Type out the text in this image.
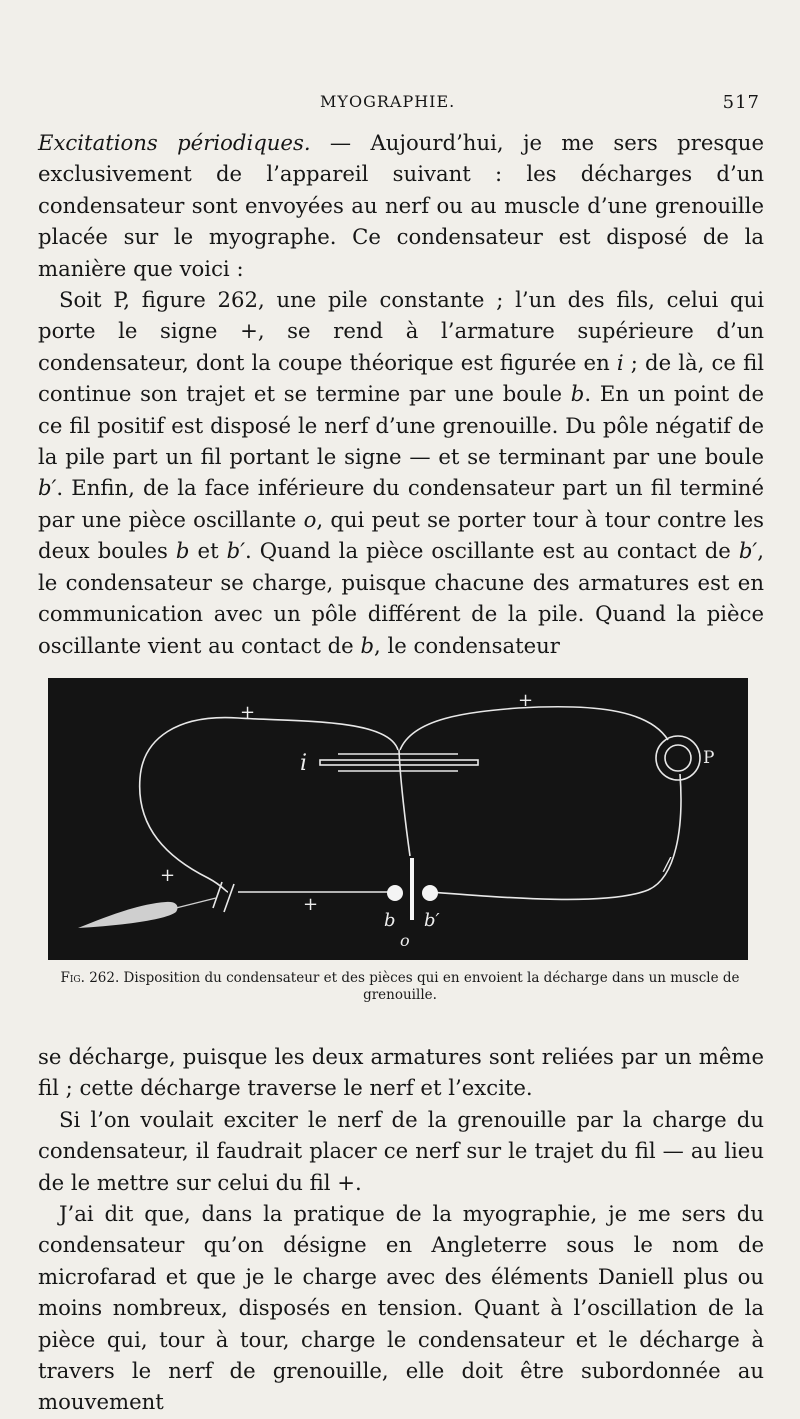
MYOGRAPHIE.	517

Excitations périodiques. — Aujourd’hui, je me sers presque exclusivement de l’appareil suivant : les décharges d’un condensateur sont envoyées au nerf ou au muscle d’une grenouille placée sur le myographe. Ce condensateur est disposé de la manière que voici :

Soit P, figure 262, une pile constante ; l’un des fils, celui qui porte le signe +, se rend à l’armature supérieure d’un condensateur, dont la coupe théorique est figurée en i ; de là, ce fil continue son trajet et se termine par une boule b. En un point de ce fil positif est disposé le nerf d’une grenouille. Du pôle négatif de la pile part un fil portant le signe — et se terminant par une boule b′. Enfin, de la face inférieure du condensateur part un fil terminé par une pièce oscillante o, qui peut se porter tour à tour contre les deux boules b et b′. Quand la pièce oscillante est au contact de b′, le condensateur se charge, puisque chacune des armatures est en communication avec un pôle différent de la pile. Quand la pièce oscillante vient au contact de b, le condensateur

+
+
+
+
/
i	P
b b′
o
Fig. 262. Disposition du condensateur et des pièces qui en envoient la décharge dans un muscle de grenouille.

se décharge, puisque les deux armatures sont reliées par un même fil ; cette décharge traverse le nerf et l’excite.

Si l’on voulait exciter le nerf de la grenouille par la charge du condensateur, il faudrait placer ce nerf sur le trajet du fil — au lieu de le mettre sur celui du fil +.

J’ai dit que, dans la pratique de la myographie, je me sers du condensateur qu’on désigne en Angleterre sous le nom de microfarad et que je le charge avec des éléments Daniell plus ou moins nombreux, disposés en tension. Quant à l’oscillation de la pièce qui, tour à tour, charge le condensateur et le décharge à travers le nerf de grenouille, elle doit être subordonnée au mouvement
